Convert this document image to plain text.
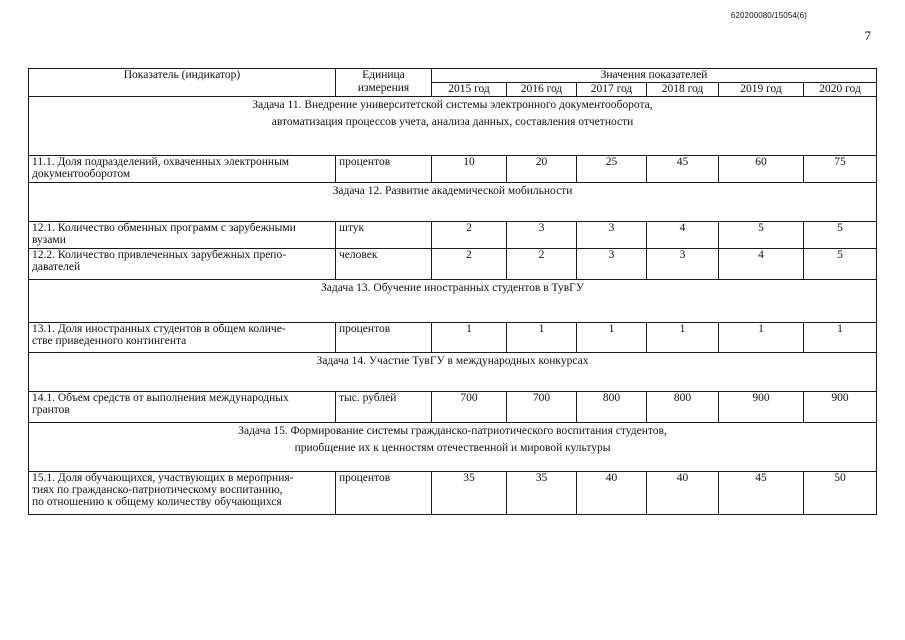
620200080/15054(6)
7
Показатель (индикатор)	Единица
измерения	Значения показателей					
		2015 год	2016 год	2017 год	2018 год	2019 год	2020 год
Задача 11. Внедрение университетской системы электронного документооборота,
автоматизация процессов учета, анализа данных, составления отчетности							
11.1. Доля подразделений, охваченных электронным
документооборотом	процентов	10	20	25	45	60	75
Задача 12. Развитие академической мобильности							
12.1. Количество обменных программ с зарубежными
вузами	штук	2	3	3	4	5	5
12.2. Количество привлеченных зарубежных препо-
давателей	человек	2	2	3	3	4	5
Задача 13. Обучение иностранных студентов в ТувГУ							
13.1. Доля иностранных студентов в общем количе-
стве приведенного контингента	процентов	1	1	1	1	1	1
Задача 14. Участие ТувГУ в международных конкурсах							
14.1. Объем средств от выполнения международных
грантов	тыс. рублей	700	700	800	800	900	900
Задача 15. Формирование системы гражданско-патриотического воспитания студентов,
приобщение их к ценностям отечественной и мировой культуры							
15.1. Доля обучающихся, участвующих в меропрния-
тиях по гражданско-патриотическому воспитанию,
по отношению к общему количеству обучающихся	процентов	35	35	40	40	45	50
